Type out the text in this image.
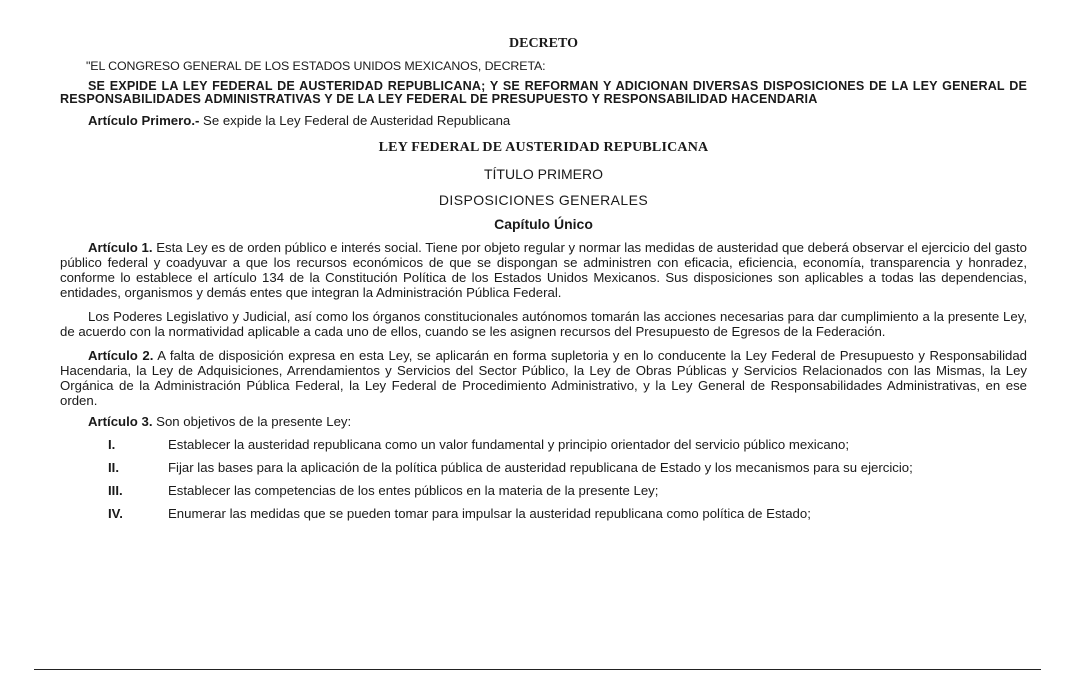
DECRETO

"EL CONGRESO GENERAL DE LOS ESTADOS UNIDOS MEXICANOS, DECRETA:

SE EXPIDE LA LEY FEDERAL DE AUSTERIDAD REPUBLICANA; Y SE REFORMAN Y ADICIONAN DIVERSAS DISPOSICIONES DE LA LEY GENERAL DE RESPONSABILIDADES ADMINISTRATIVAS Y DE LA LEY FEDERAL DE PRESUPUESTO Y RESPONSABILIDAD HACENDARIA

Artículo Primero.- Se expide la Ley Federal de Austeridad Republicana

LEY FEDERAL DE AUSTERIDAD REPUBLICANA

TÍTULO PRIMERO

DISPOSICIONES GENERALES

Capítulo Único

Artículo 1. Esta Ley es de orden público e interés social. Tiene por objeto regular y normar las medidas de austeridad que deberá observar el ejercicio del gasto público federal y coadyuvar a que los recursos económicos de que se dispongan se administren con eficacia, eficiencia, economía, transparencia y honradez, conforme lo establece el artículo 134 de la Constitución Política de los Estados Unidos Mexicanos. Sus disposiciones son aplicables a todas las dependencias, entidades, organismos y demás entes que integran la Administración Pública Federal.

Los Poderes Legislativo y Judicial, así como los órganos constitucionales autónomos tomarán las acciones necesarias para dar cumplimiento a la presente Ley, de acuerdo con la normatividad aplicable a cada uno de ellos, cuando se les asignen recursos del Presupuesto de Egresos de la Federación.

Artículo 2. A falta de disposición expresa en esta Ley, se aplicarán en forma supletoria y en lo conducente la Ley Federal de Presupuesto y Responsabilidad Hacendaria, la Ley de Adquisiciones, Arrendamientos y Servicios del Sector Público, la Ley de Obras Públicas y Servicios Relacionados con las Mismas, la Ley Orgánica de la Administración Pública Federal, la Ley Federal de Procedimiento Administrativo, y la Ley General de Responsabilidades Administrativas, en ese orden.

Artículo 3. Son objetivos de la presente Ley:

I.	Establecer la austeridad republicana como un valor fundamental y principio orientador del servicio público mexicano;
II.	Fijar las bases para la aplicación de la política pública de austeridad republicana de Estado y los mecanismos para su ejercicio;
III.	Establecer las competencias de los entes públicos en la materia de la presente Ley;
IV.	Enumerar las medidas que se pueden tomar para impulsar la austeridad republicana como política de Estado;
